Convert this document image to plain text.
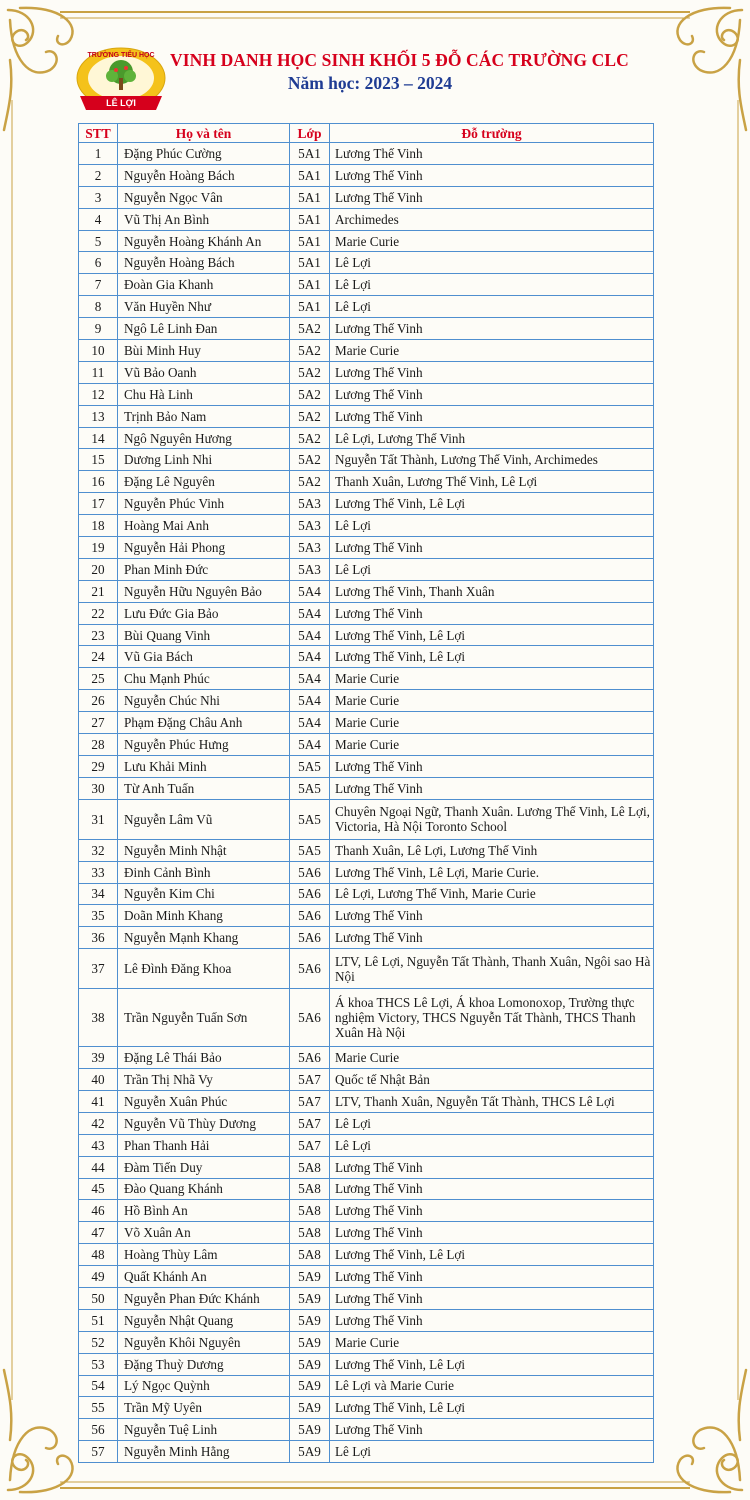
LÊ LỢI
TRƯỜNG TIỂU HỌC VINH DANH HỌC SINH KHỐI 5 ĐỖ CÁC TRƯỜNG CLC
Năm học: 2023 – 2024
STT	Họ và tên	Lớp	Đỗ trường
1	Đặng Phúc Cường	5A1	Lương Thế Vinh
2	Nguyễn Hoàng Bách	5A1	Lương Thế Vinh
3	Nguyễn Ngọc Vân	5A1	Lương Thế Vinh
4	Vũ Thị An Bình	5A1	Archimedes
5	Nguyễn Hoàng Khánh An	5A1	Marie Curie
6	Nguyễn Hoàng Bách	5A1	Lê Lợi
7	Đoàn Gia Khanh	5A1	Lê Lợi
8	Văn Huyền Như	5A1	Lê Lợi
9	Ngô Lê Linh Đan	5A2	Lương Thế Vinh
10	Bùi Minh Huy	5A2	Marie Curie
11	Vũ Bảo Oanh	5A2	Lương Thế Vinh
12	Chu Hà Linh	5A2	Lương Thế Vinh
13	Trịnh Bảo Nam	5A2	Lương Thế Vinh
14	Ngô Nguyên Hương	5A2	Lê Lợi, Lương Thế Vinh
15	Dương Linh Nhi	5A2	Nguyễn Tất Thành, Lương Thế Vinh, Archimedes
16	Đặng Lê Nguyên	5A2	Thanh Xuân, Lương Thế Vinh, Lê Lợi
17	Nguyễn Phúc Vinh	5A3	Lương Thế Vinh, Lê Lợi
18	Hoàng Mai Anh	5A3	Lê Lợi
19	Nguyễn Hải Phong	5A3	Lương Thế Vinh
20	Phan Minh Đức	5A3	Lê Lợi
21	Nguyễn Hữu Nguyên Bảo	5A4	Lương Thế Vinh, Thanh Xuân
22	Lưu Đức Gia Bảo	5A4	Lương Thế Vinh
23	Bùi Quang Vinh	5A4	Lương Thế Vinh, Lê Lợi
24	Vũ Gia Bách	5A4	Lương Thế Vinh, Lê Lợi
25	Chu Mạnh Phúc	5A4	Marie Curie
26	Nguyễn Chúc Nhi	5A4	Marie Curie
27	Phạm Đặng Châu Anh	5A4	Marie Curie
28	Nguyễn Phúc Hưng	5A4	Marie Curie
29	Lưu Khải Minh	5A5	Lương Thế Vinh
30	Từ Anh Tuấn	5A5	Lương Thế Vinh
31	Nguyễn Lâm Vũ	5A5	Chuyên Ngoại Ngữ, Thanh Xuân. Lương Thế Vinh, Lê Lợi, Victoria, Hà Nội Toronto School
32	Nguyễn Minh Nhật	5A5	Thanh Xuân, Lê Lợi, Lương Thế Vinh
33	Đinh Cảnh Bình	5A6	Lương Thế Vinh, Lê Lợi, Marie Curie.
34	Nguyễn Kim Chi	5A6	Lê Lợi, Lương Thế Vinh, Marie Curie
35	Doãn Minh Khang	5A6	Lương Thế Vinh
36	Nguyễn Mạnh Khang	5A6	Lương Thế Vinh
37	Lê Đình Đăng Khoa	5A6	LTV, Lê Lợi, Nguyễn Tất Thành, Thanh Xuân, Ngôi sao Hà Nội
38	Trần Nguyễn Tuấn Sơn	5A6	Á khoa THCS Lê Lợi, Á khoa Lomonoxop, Trường thực nghiệm Victory, THCS Nguyễn Tất Thành, THCS Thanh Xuân Hà Nội
39	Đặng Lê Thái Bảo	5A6	Marie Curie
40	Trần Thị Nhã Vy	5A7	Quốc tế Nhật Bản
41	Nguyễn Xuân Phúc	5A7	LTV, Thanh Xuân, Nguyễn Tất Thành, THCS Lê Lợi
42	Nguyễn Vũ Thùy Dương	5A7	Lê Lợi
43	Phan Thanh Hải	5A7	Lê Lợi
44	Đàm Tiến Duy	5A8	Lương Thế Vinh
45	Đào Quang Khánh	5A8	Lương Thế Vinh
46	Hồ Bình An	5A8	Lương Thế Vinh
47	Võ Xuân An	5A8	Lương Thế Vinh
48	Hoàng Thùy Lâm	5A8	Lương Thế Vinh, Lê Lợi
49	Quất Khánh An	5A9	Lương Thế Vinh
50	Nguyễn Phan Đức Khánh	5A9	Lương Thế Vinh
51	Nguyễn Nhật Quang	5A9	Lương Thế Vinh
52	Nguyễn Khôi Nguyên	5A9	Marie Curie
53	Đặng Thuỳ Dương	5A9	Lương Thế Vinh, Lê Lợi
54	Lý Ngọc Quỳnh	5A9	Lê Lợi và Marie Curie
55	Trần Mỹ Uyên	5A9	Lương Thế Vinh, Lê Lợi
56	Nguyễn Tuệ Linh	5A9	Lương Thế Vinh
57	Nguyễn Minh Hằng	5A9	Lê Lợi
